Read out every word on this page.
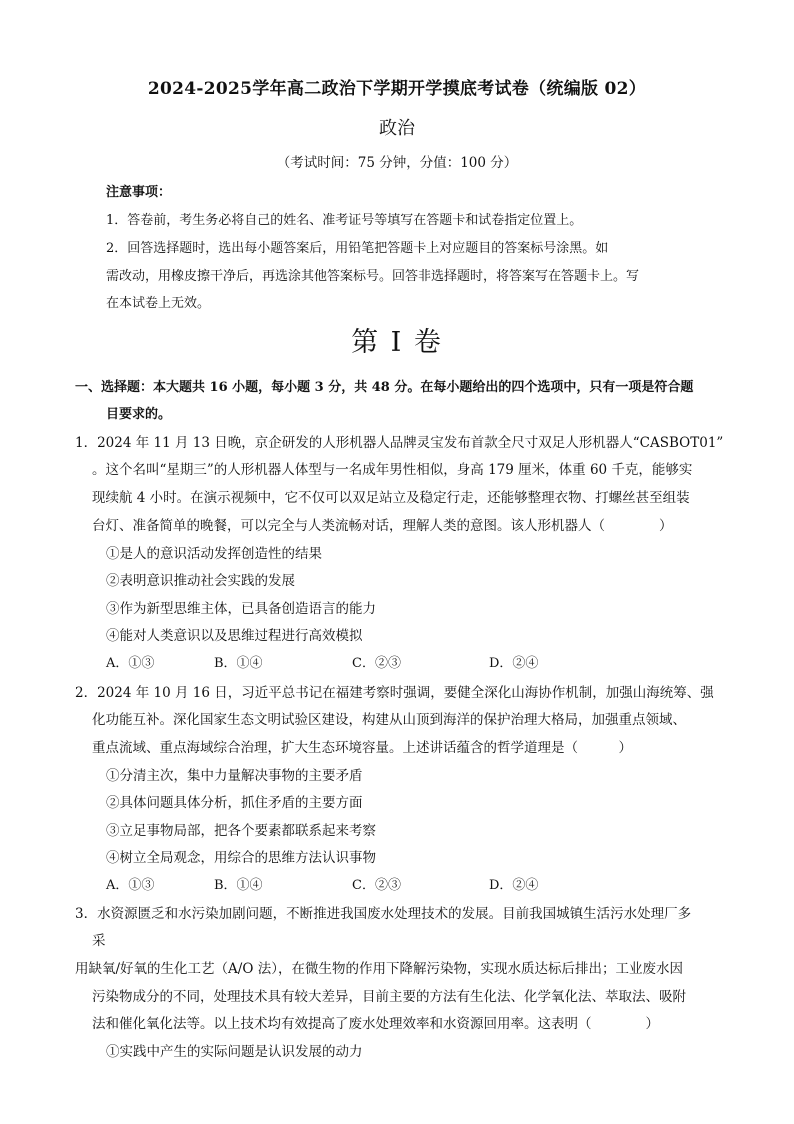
2024-2025学年高二政治下学期开学摸底考试卷（统编版 02）
政治
（考试时间：75 分钟，分值：100 分）
注意事项：
1．答卷前，考生务必将自己的姓名、准考证号等填写在答题卡和试卷指定位置上。
2．回答选择题时，选出每小题答案后，用铅笔把答题卡上对应题目的答案标号涂黑。如
需改动，用橡皮擦干净后，再选涂其他答案标号。回答非选择题时，将答案写在答题卡上。写
在本试卷上无效。
第 I 卷
一、选择题：本大题共 16 小题，每小题 3 分，共 48 分。在每小题给出的四个选项中，只有一项是符合题
目要求的。
1．2024 年 11 月 13 日晚，京企研发的人形机器人品牌灵宝发布首款全尺寸双足人形机器人“CASBOT01”
。这个名叫“星期三”的人形机器人体型与一名成年男性相似，身高 179 厘米，体重 60 千克，能够实
现续航 4 小时。在演示视频中，它不仅可以双足站立及稳定行走，还能够整理衣物、打螺丝甚至组装
台灯、准备简单的晚餐，可以完全与人类流畅对话，理解人类的意图。该人形机器人（　　　　）
①是人的意识活动发挥创造性的结果
②表明意识推动社会实践的发展
③作为新型思维主体，已具备创造语言的能力
④能对人类意识以及思维过程进行高效模拟
A．①③	B．①④	C．②③	D．②④
2．2024 年 10 月 16 日，习近平总书记在福建考察时强调，要健全深化山海协作机制，加强山海统筹、强
化功能互补。深化国家生态文明试验区建设，构建从山顶到海洋的保护治理大格局，加强重点领域、
重点流域、重点海域综合治理，扩大生态环境容量。上述讲话蕴含的哲学道理是（　　　）
①分清主次，集中力量解决事物的主要矛盾
②具体问题具体分析，抓住矛盾的主要方面
③立足事物局部，把各个要素都联系起来考察
④树立全局观念，用综合的思维方法认识事物
A．①③	B．①④	C．②③	D．②④
3．水资源匮乏和水污染加剧问题，不断推进我国废水处理技术的发展。目前我国城镇生活污水处理厂多
采
用缺氧/好氧的生化工艺（A/O 法），在微生物的作用下降解污染物，实现水质达标后排出；工业废水因
污染物成分的不同，处理技术具有较大差异，目前主要的方法有生化法、化学氧化法、萃取法、吸附
法和催化氧化法等。以上技术均有效提高了废水处理效率和水资源回用率。这表明（　　　　）
①实践中产生的实际问题是认识发展的动力
